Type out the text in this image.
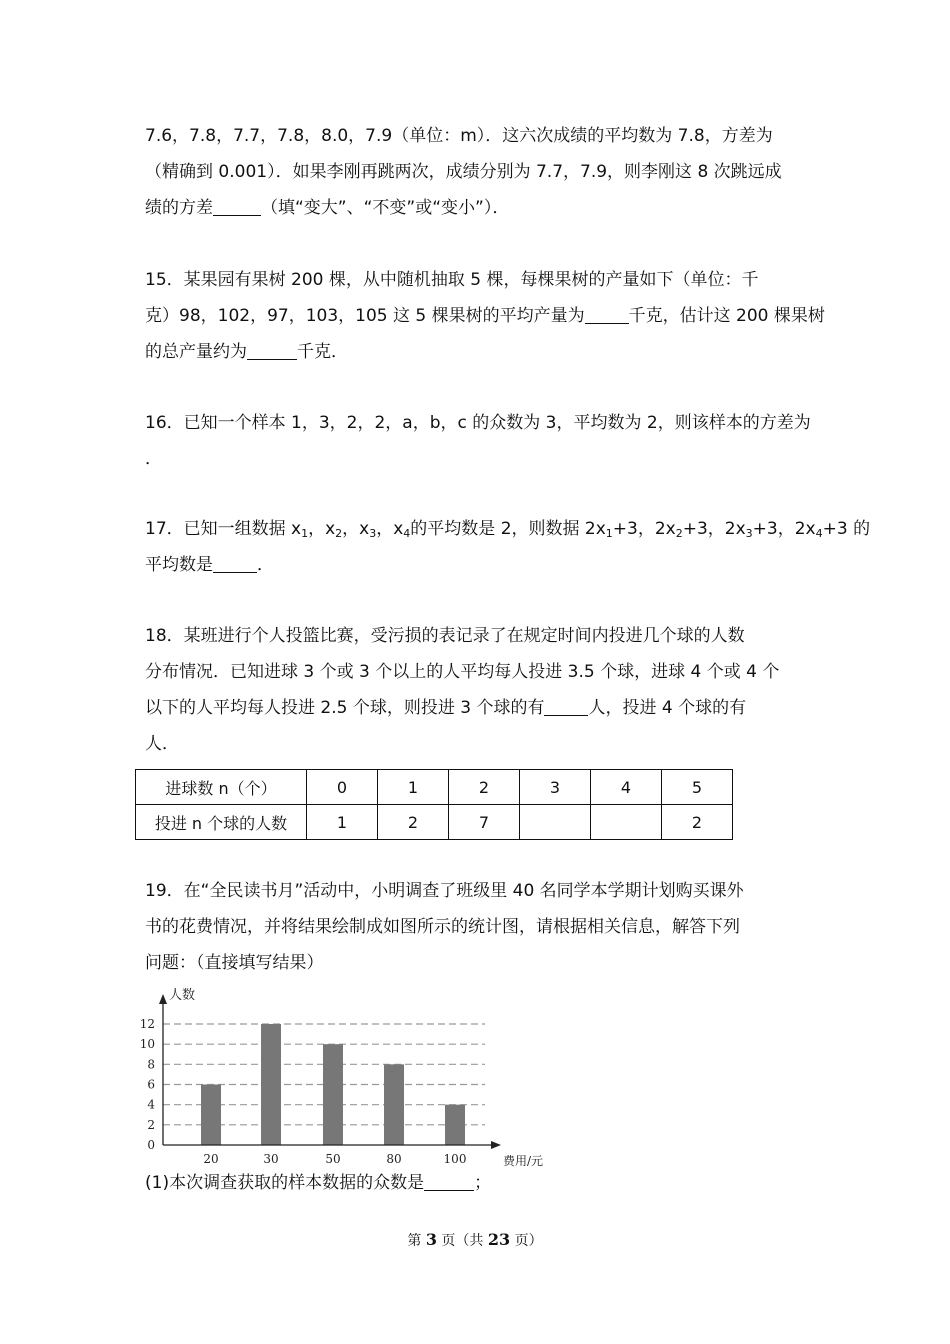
7.6，7.8，7.7，7.8，8.0，7.9（单位：m）．这六次成绩的平均数为 7.8，方差为

（精确到 0.001）．如果李刚再跳两次，成绩分别为 7.7，7.9，则李刚这 8 次跳远成

绩的方差	（填“变大”、“不变”或“变小”）．

15．某果园有果树 200 棵，从中随机抽取 5 棵，每棵果树的产量如下（单位：千

克）98，102，97，103，105 这 5 棵果树的平均产量为	千克，估计这 200 棵果树

的总产量约为	千克．

16．已知一个样本 1，3，2，2，a，b，c 的众数为 3，平均数为 2，则该样本的方差为

．

17．已知一组数据 $x_1$，$x_2$，$x_3$，$x_4$的平均数是 2，则数据 $2x_1+3$，$2x_2+3$，$2x_3+3$，$2x_4+3$ 的

平均数是	．

18．某班进行个人投篮比赛，受污损的表记录了在规定时间内投进几个球的人数

分布情况．已知进球 3 个或 3 个以上的人平均每人投进 3.5 个球，进球 4 个或 4 个

以下的人平均每人投进 2.5 个球，则投进 3 个球的有	人，投进 4 个球的有

人．

进球数 n（个）	0	1	2	3	4	5
投进 n 个球的人数	1	2	7			2

19．在“全民读书月”活动中，小明调查了班级里 40 名同学本学期计划购买课外

书的花费情况，并将结果绘制成如图所示的统计图，请根据相关信息，解答下列

问题：（直接填写结果）

0
2
4
6
8
10
12
20	30	50	80	100
人数
费用/元

(1)本次调查获取的样本数据的众数是	；

第 3 页（共 23 页）
